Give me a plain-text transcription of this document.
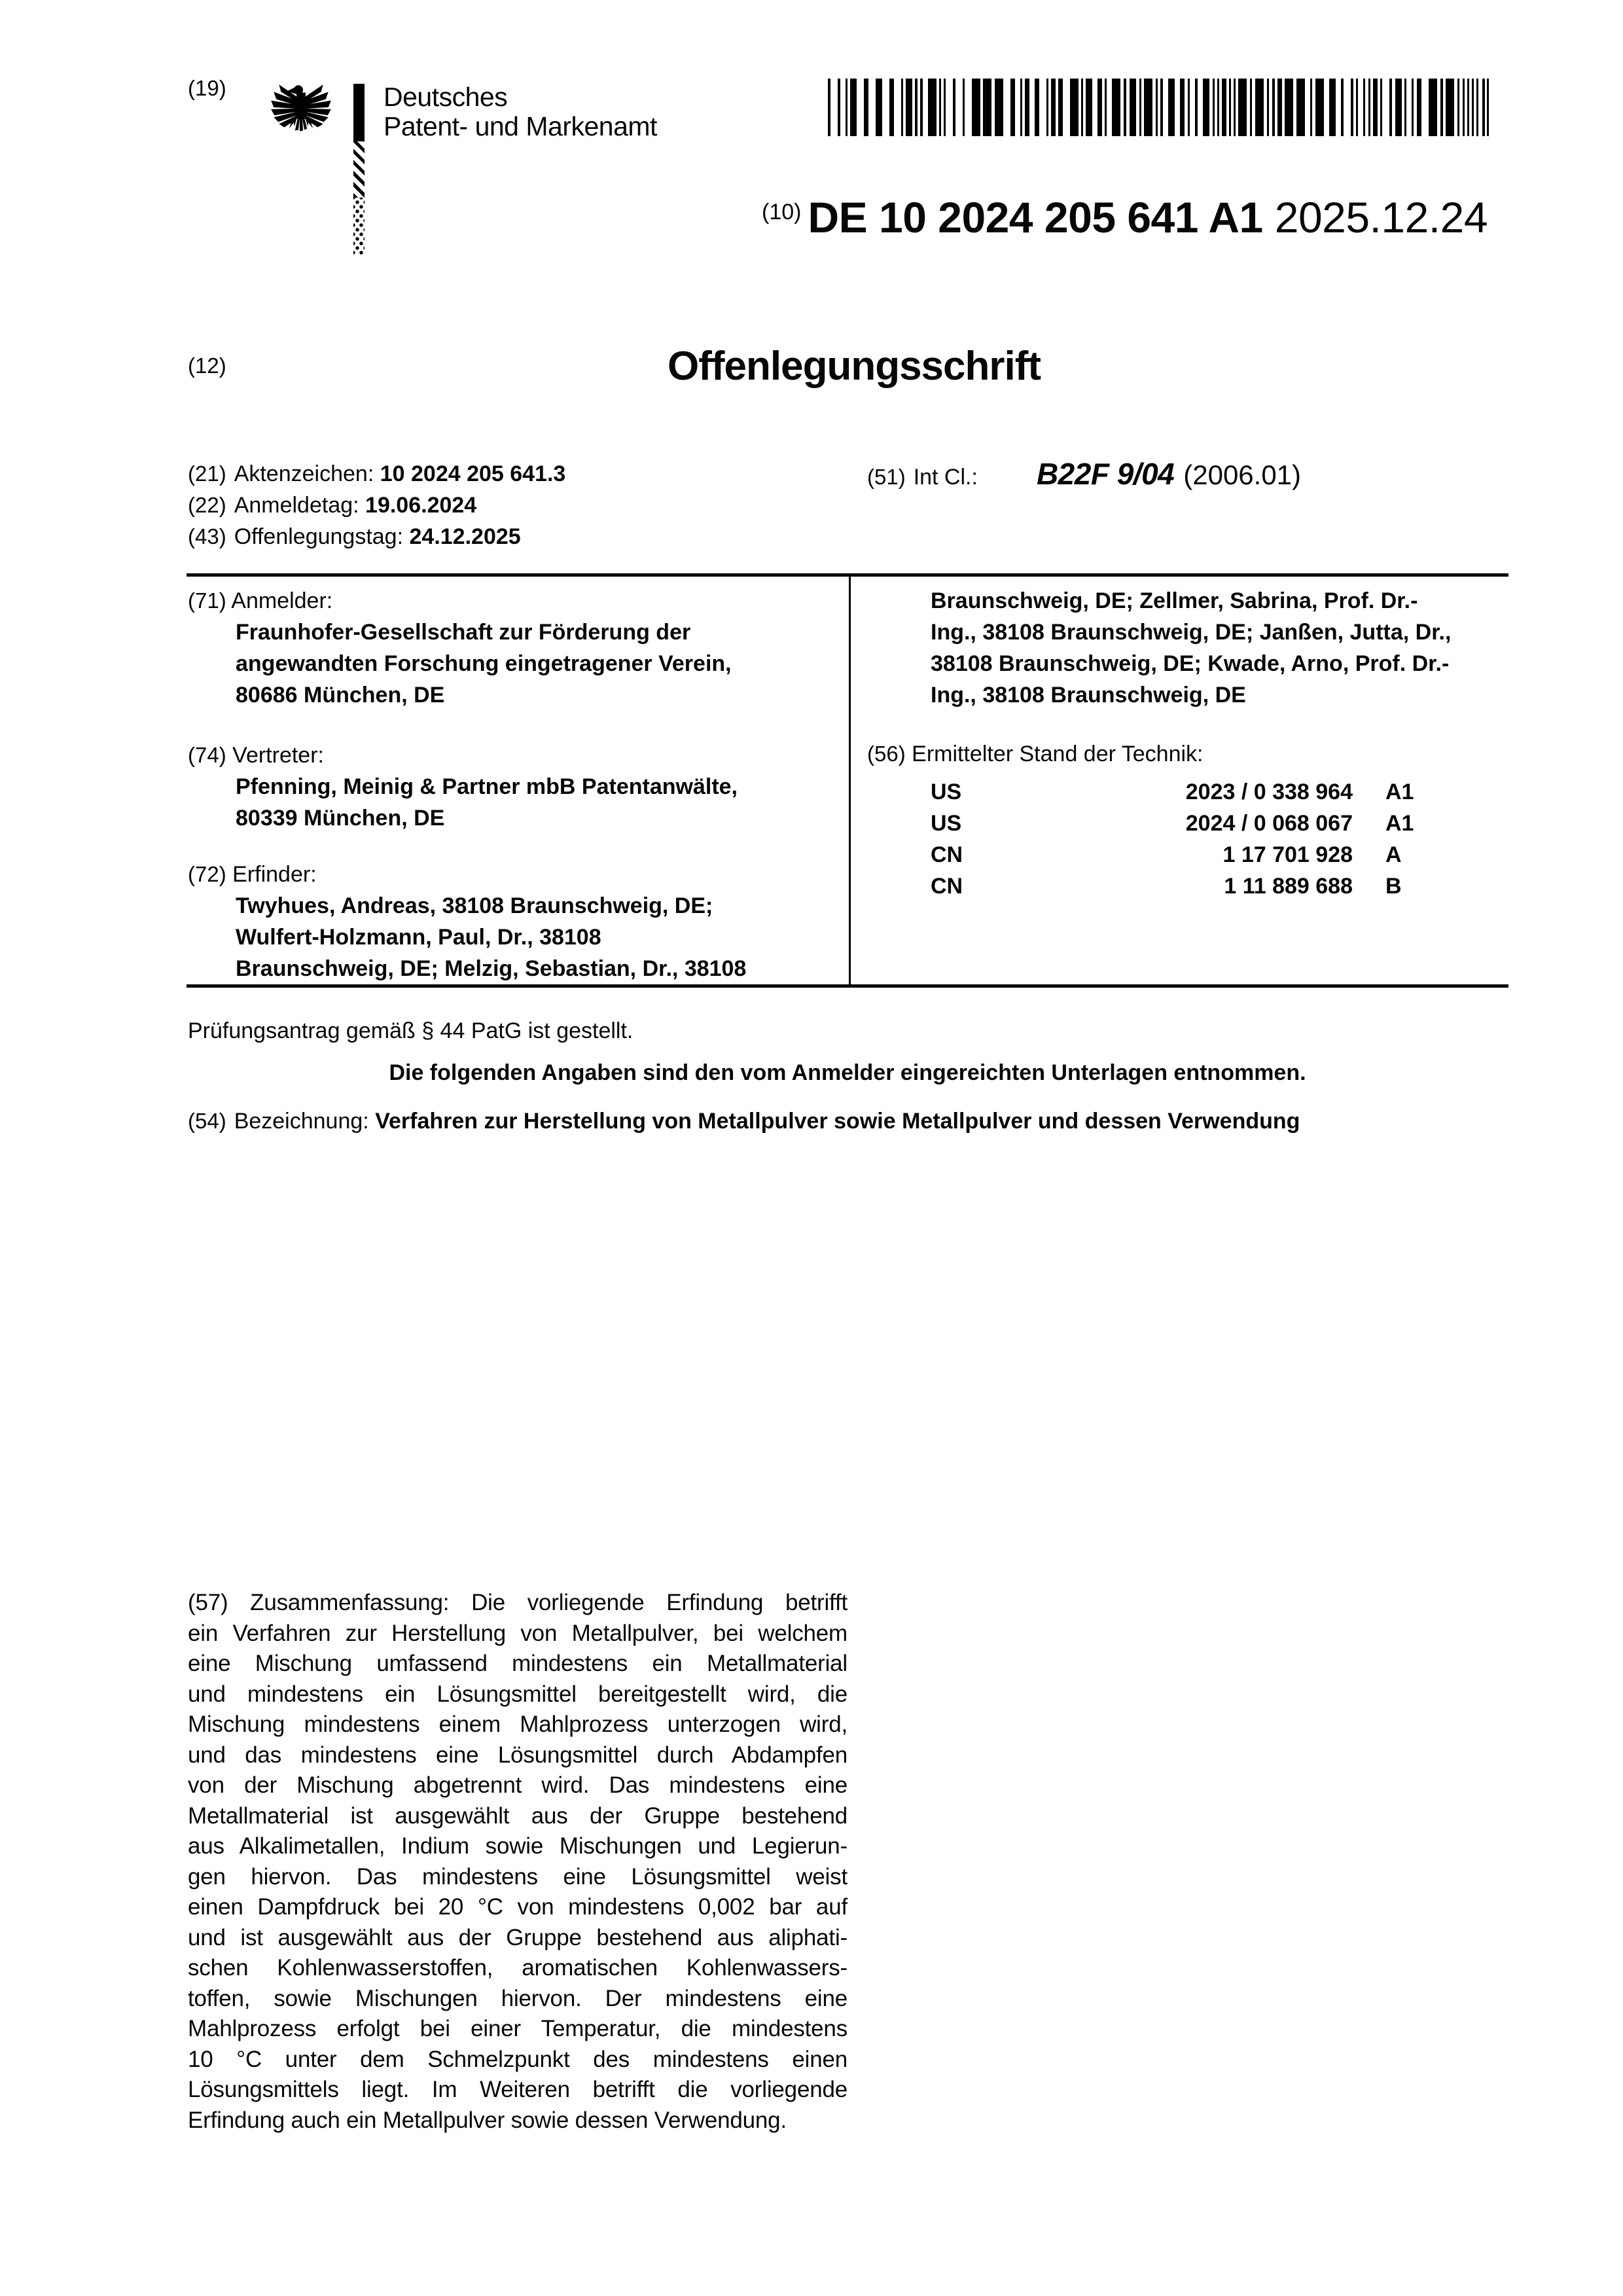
(19)	Deutsches
Patent- und Markenamt
(10) DE 10 2024 205 641 A1 2025.12.24
(12)	Offenlegungsschrift
(21) Aktenzeichen: 10 2024 205 641.3
(22) Anmeldetag: 19.06.2024
(43) Offenlegungstag: 24.12.2025
(51) Int Cl.: B22F 9/04 (2006.01)
(71) Anmelder:
Fraunhofer-Gesellschaft zur Förderung der
angewandten Forschung eingetragener Verein,
80686 München, DE
(74) Vertreter:
Pfenning, Meinig & Partner mbB Patentanwälte,
80339 München, DE
(72) Erfinder:
Twyhues, Andreas, 38108 Braunschweig, DE;
Wulfert-Holzmann, Paul, Dr., 38108
Braunschweig, DE; Melzig, Sebastian, Dr., 38108
Braunschweig, DE; Zellmer, Sabrina, Prof. Dr.-
Ing., 38108 Braunschweig, DE; Janßen, Jutta, Dr.,
38108 Braunschweig, DE; Kwade, Arno, Prof. Dr.-
Ing., 38108 Braunschweig, DE
(56) Ermittelter Stand der Technik:
US	2023 / 0 338 964 A1
US	2024 / 0 068 067 A1
CN	1 17 701 928 A
CN	1 11 889 688 B
Prüfungsantrag gemäß § 44 PatG ist gestellt.
Die folgenden Angaben sind den vom Anmelder eingereichten Unterlagen entnommen.
(54) Bezeichnung: Verfahren zur Herstellung von Metallpulver sowie Metallpulver und dessen Verwendung
(57) Zusammenfassung: Die vorliegende Erfindung betrifft
ein Verfahren zur Herstellung von Metallpulver, bei welchem
eine Mischung umfassend mindestens ein Metallmaterial
und mindestens ein Lösungsmittel bereitgestellt wird, die
Mischung mindestens einem Mahlprozess unterzogen wird,
und das mindestens eine Lösungsmittel durch Abdampfen
von der Mischung abgetrennt wird. Das mindestens eine
Metallmaterial ist ausgewählt aus der Gruppe bestehend
aus Alkalimetallen, Indium sowie Mischungen und Legierun-
gen hiervon. Das mindestens eine Lösungsmittel weist
einen Dampfdruck bei 20 °C von mindestens 0,002 bar auf
und ist ausgewählt aus der Gruppe bestehend aus aliphati-
schen Kohlenwasserstoffen, aromatischen Kohlenwassers-
toffen, sowie Mischungen hiervon. Der mindestens eine
Mahlprozess erfolgt bei einer Temperatur, die mindestens
10 °C unter dem Schmelzpunkt des mindestens einen
Lösungsmittels liegt. Im Weiteren betrifft die vorliegende
Erfindung auch ein Metallpulver sowie dessen Verwendung.
